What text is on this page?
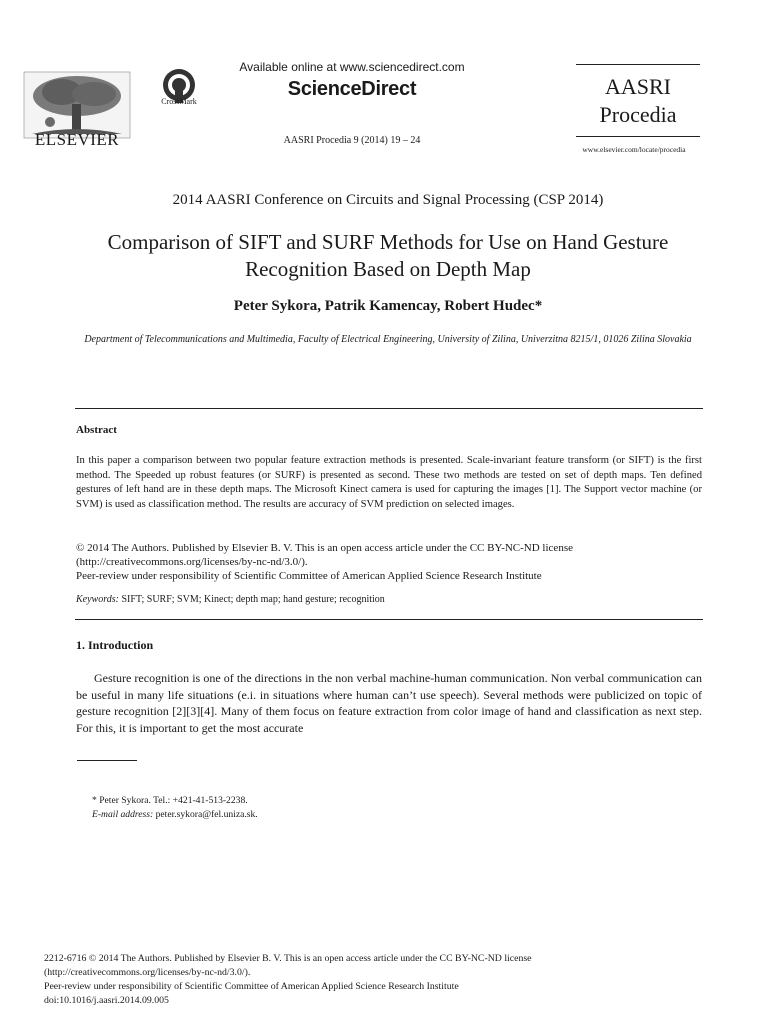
ELSEVIER
CrossMark
Available online at www.sciencedirect.com
ScienceDirect
AASRI Procedia 9 (2014) 19 – 24
AASRI
Procedia
www.elsevier.com/locate/procedia
2014 AASRI Conference on Circuits and Signal Processing (CSP 2014)
Comparison of SIFT and SURF Methods for Use on Hand Gesture Recognition Based on Depth Map
Peter Sykora, Patrik Kamencay, Robert Hudec*
Department of Telecommunications and Multimedia, Faculty of Electrical Engineering, University of Zilina, Univerzitna 8215/1, 01026 Zilina Slovakia
Abstract
In this paper a comparison between two popular feature extraction methods is presented. Scale-invariant feature transform (or SIFT) is the first method. The Speeded up robust features (or SURF) is presented as second. These two methods are tested on set of depth maps. Ten defined gestures of left hand are in these depth maps. The Microsoft Kinect camera is used for capturing the images [1]. The Support vector machine (or SVM) is used as classification method. The results are accuracy of SVM prediction on selected images.
© 2014 The Authors. Published by Elsevier B. V. This is an open access article under the CC BY-NC-ND license
(http://creativecommons.org/licenses/by-nc-nd/3.0/).
Peer-review under responsibility of Scientific Committee of American Applied Science Research Institute
Keywords: SIFT; SURF; SVM; Kinect; depth map; hand gesture; recognition
1. Introduction

Gesture recognition is one of the directions in the non verbal machine-human communication. Non verbal communication can be useful in many life situations (e.i. in situations where human can’t use speech). Several methods were publicized on topic of gesture recognition [2][3][4]. Many of them focus on feature extraction from color image of hand and classification as next step. For this, it is important to get the most accurate

* Peter Sykora. Tel.: +421-41-513-2238.
E-mail address: peter.sykora@fel.uniza.sk.
2212-6716 © 2014 The Authors. Published by Elsevier B. V. This is an open access article under the CC BY-NC-ND license
(http://creativecommons.org/licenses/by-nc-nd/3.0/).
Peer-review under responsibility of Scientific Committee of American Applied Science Research Institute
doi:10.1016/j.aasri.2014.09.005
